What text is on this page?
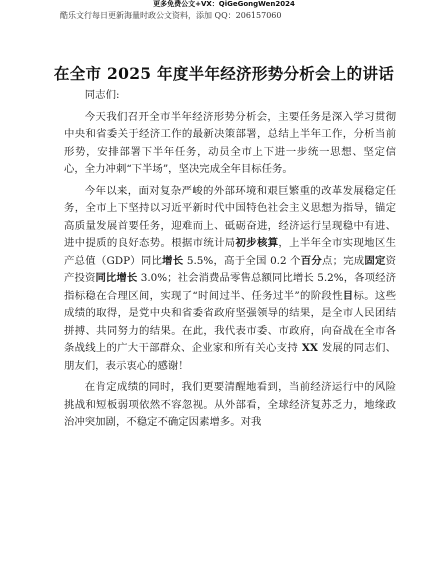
更多免费公文+VX：QiGeGongWen2024
酷乐文行每日更新海量时政公文资料，添加 QQ：206157060
在全市 2025 年度半年经济形势分析会上的讲话

同志们:

今天我们召开全市半年经济形势分析会，主要任务是深入学习贯彻中央和省委关于经济工作的最新决策部署，总结上半年工作，分析当前形势，安排部署下半年任务，动员全市上下进一步统一思想、坚定信心，全力冲刺“下半场”，坚决完成全年目标任务。

今年以来，面对复杂严峻的外部环境和艰巨繁重的改革发展稳定任务，全市上下坚持以习近平新时代中国特色社会主义思想为指导，锚定高质量发展首要任务，迎难而上、砥砺奋进，经济运行呈现稳中有进、进中提质的良好态势。根据市统计局初步核算，上半年全市实现地区生产总值（GDP）同比增长 5.5%，高于全国 0.2 个百分点；完成固定资产投资同比增长 3.0%；社会消费品零售总额同比增长 5.2%，各项经济指标稳在合理区间，实现了“时间过半、任务过半”的阶段性目标。这些成绩的取得，是党中央和省委省政府坚强领导的结果，是全市人民团结拼搏、共同努力的结果。在此，我代表市委、市政府，向奋战在全市各条战线上的广大干部群众、企业家和所有关心支持 XX 发展的同志们、朋友们，表示衷心的感谢！

在肯定成绩的同时，我们更要清醒地看到，当前经济运行中的风险挑战和短板弱项依然不容忽视。从外部看，全球经济复苏乏力，地缘政治冲突加剧，不稳定不确定因素增多。对我
